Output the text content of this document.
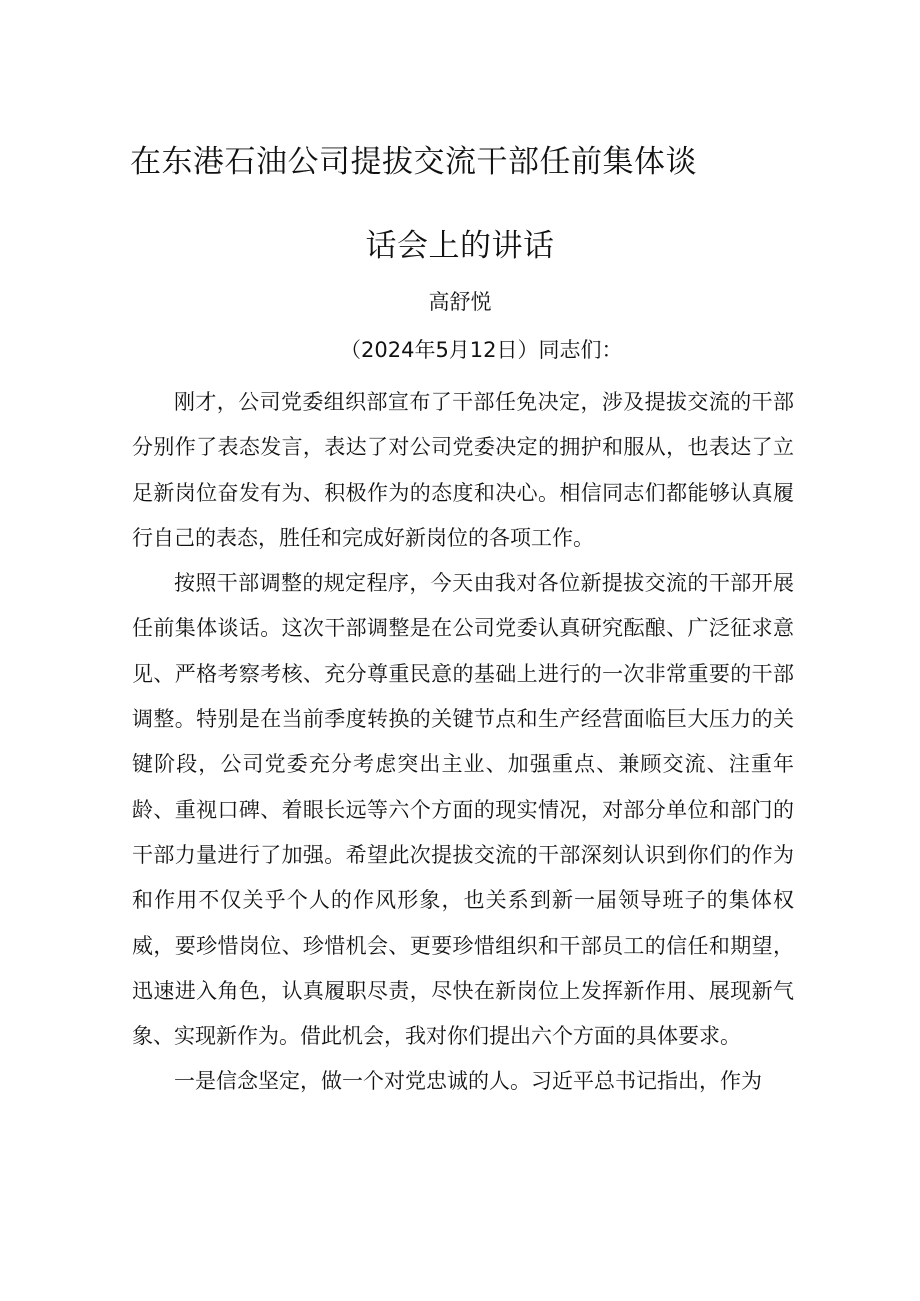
在东港石油公司提拔交流干部任前集体谈
话会上的讲话
高舒悦
（2024年5月12日）同志们：

刚才，公司党委组织部宣布了干部任免决定，涉及提拔交流的干部分别作了表态发言，表达了对公司党委决定的拥护和服从，也表达了立足新岗位奋发有为、积极作为的态度和决心。相信同志们都能够认真履行自己的表态，胜任和完成好新岗位的各项工作。

按照干部调整的规定程序，今天由我对各位新提拔交流的干部开展任前集体谈话。这次干部调整是在公司党委认真研究酝酿、广泛征求意见、严格考察考核、充分尊重民意的基础上进行的一次非常重要的干部调整。特别是在当前季度转换的关键节点和生产经营面临巨大压力的关键阶段，公司党委充分考虑突出主业、加强重点、兼顾交流、注重年龄、重视口碑、着眼长远等六个方面的现实情况，对部分单位和部门的干部力量进行了加强。希望此次提拔交流的干部深刻认识到你们的作为和作用不仅关乎个人的作风形象，也关系到新一届领导班子的集体权威，要珍惜岗位、珍惜机会、更要珍惜组织和干部员工的信任和期望，迅速进入角色，认真履职尽责，尽快在新岗位上发挥新作用、展现新气象、实现新作为。借此机会，我对你们提出六个方面的具体要求。

一是信念坚定，做一个对党忠诚的人。习近平总书记指出，作为
